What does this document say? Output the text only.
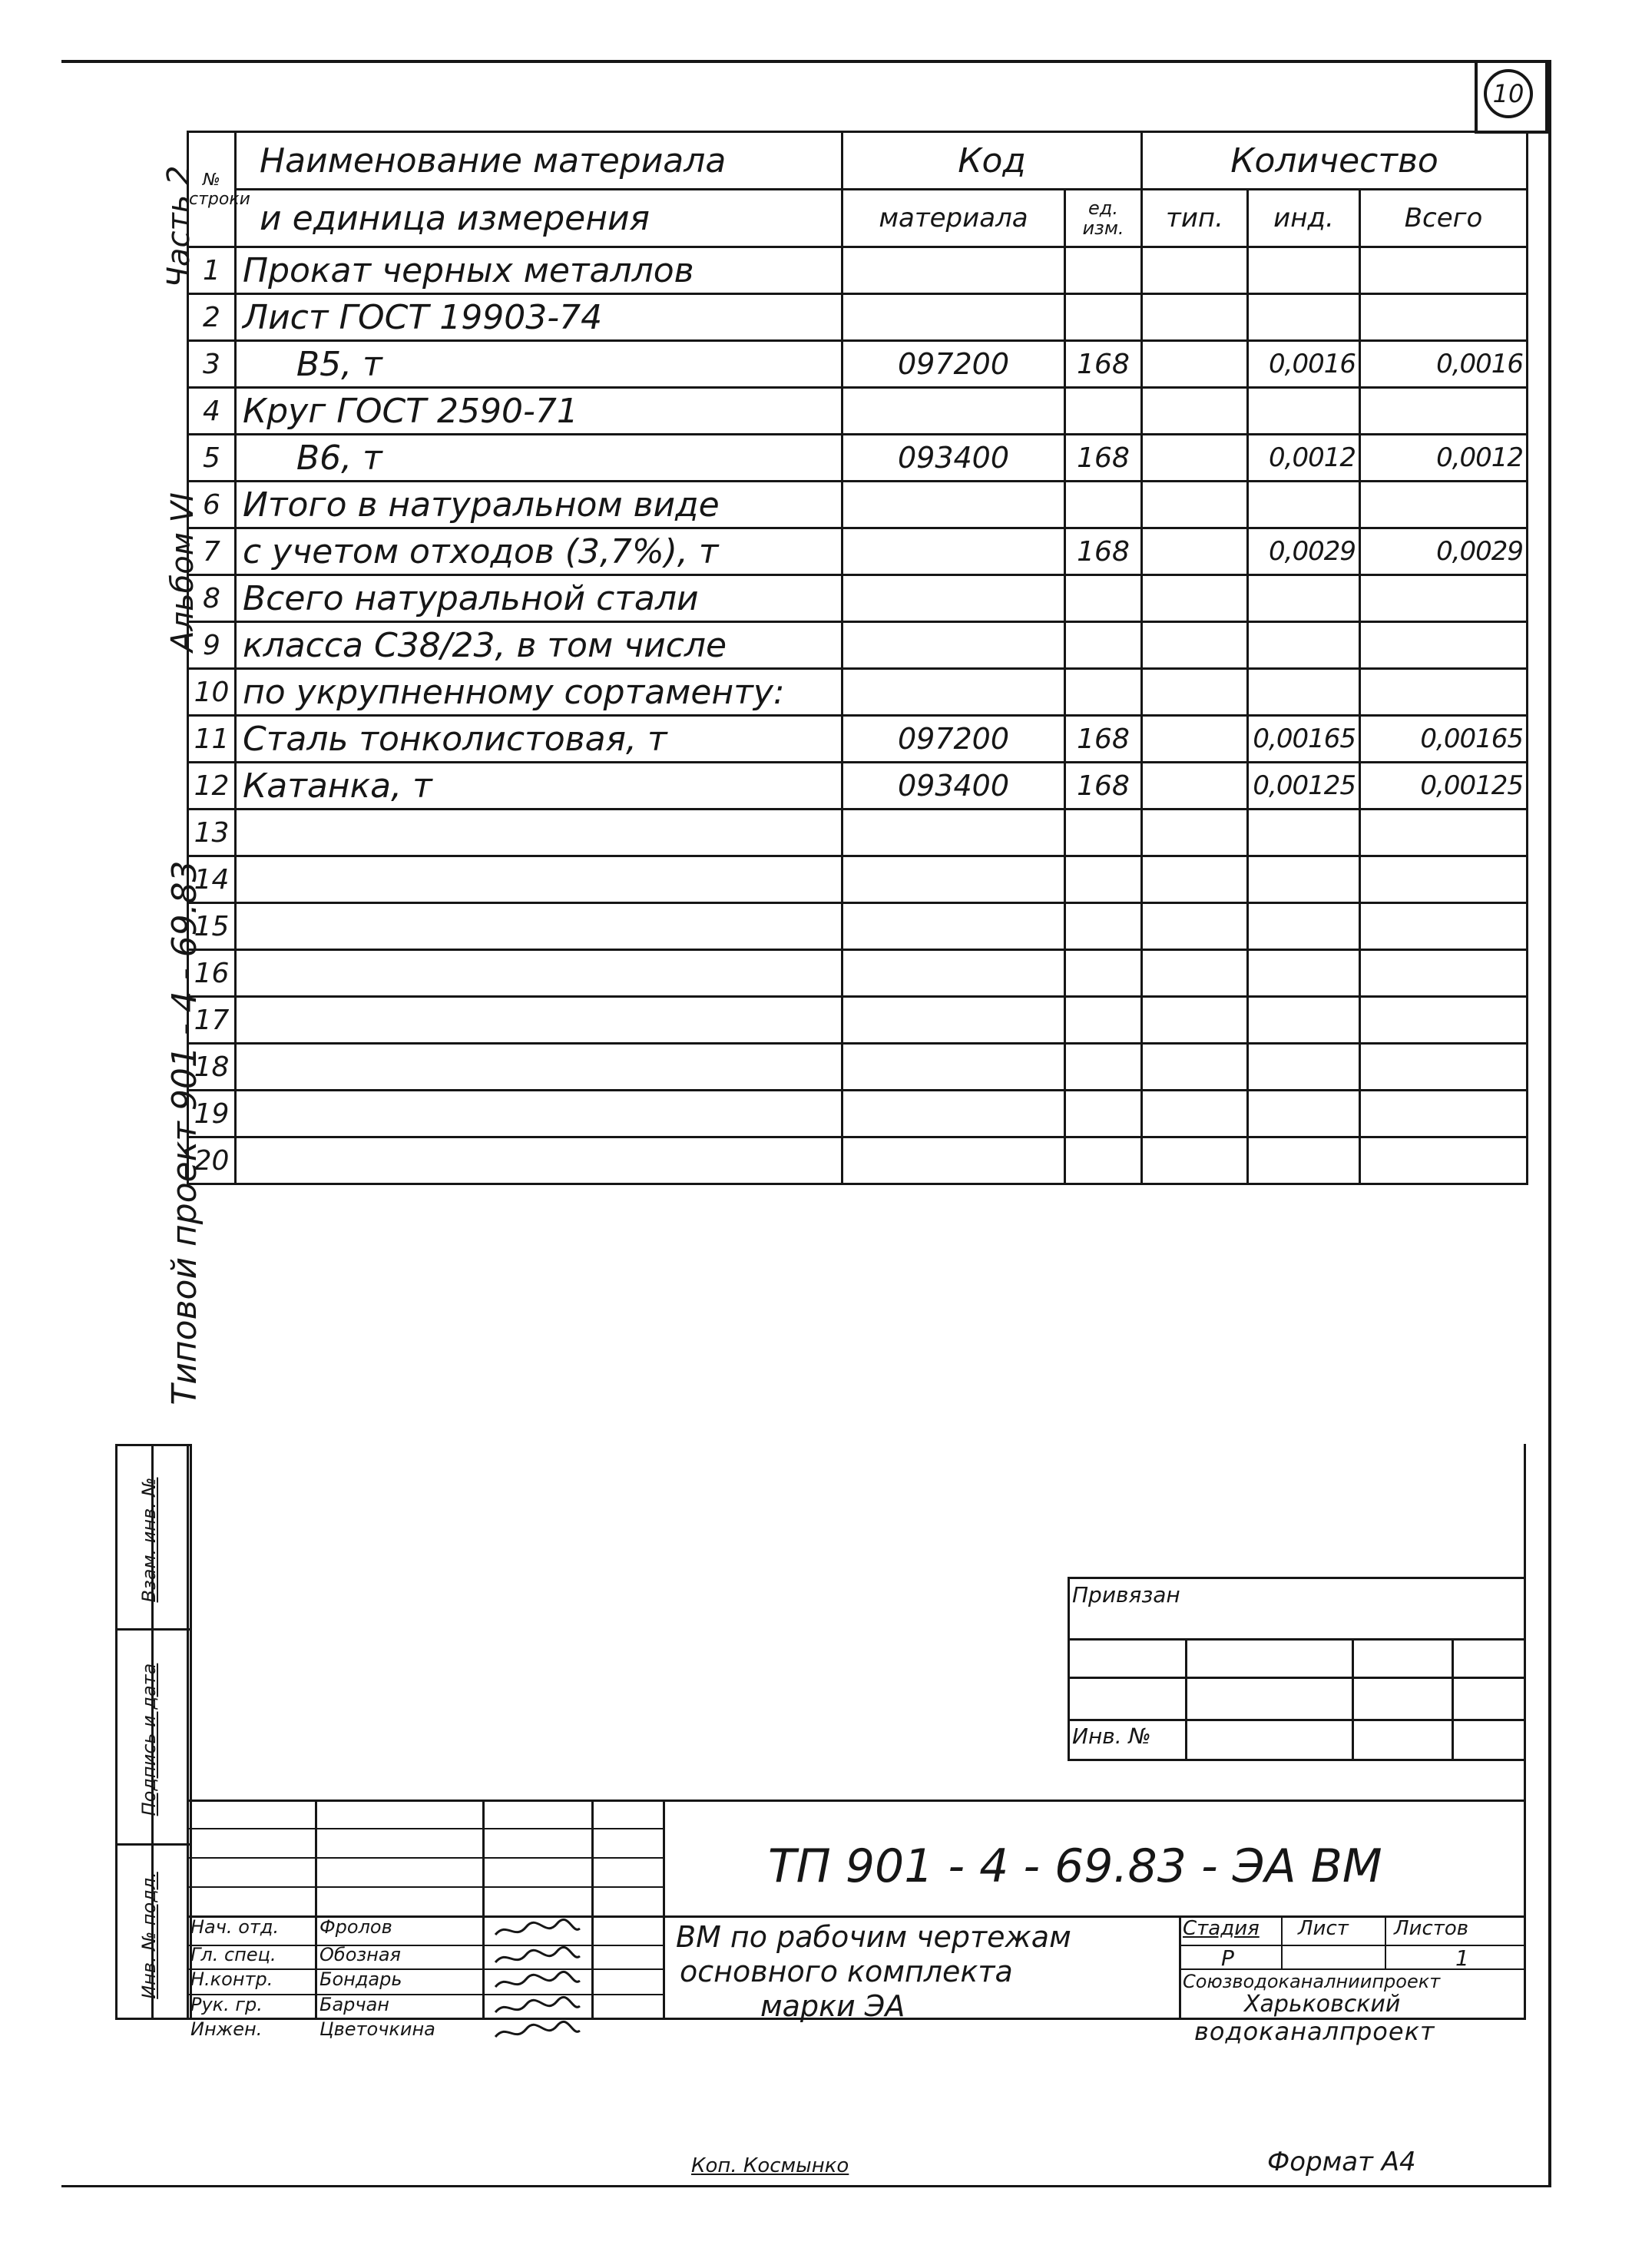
10
Часть 2
Альбом VI
Типовой проект 901 - 4 - 69.83
Взам. инв. №
Подпись и дата
Инв. № подл.
№ строки	Наименование материала	Код		Количество		
	и единица измерения	материала	ед. изм.	тип.	инд.	Всего
1	Прокат черных металлов					
2	Лист ГОСТ 19903-74					
3	В5, т	097200	168		0,0016	0,0016
4	Круг ГОСТ 2590-71					
5	В6, т	093400	168		0,0012	0,0012
6	Итого в натуральном виде					
7	с учетом отходов (3,7%), т		168		0,0029	0,0029
8	Всего натуральной стали					
9	класса С38/23, в том числе					
10	по укрупненному сортаменту:					
11	Сталь тонколистовая, т	097200	168		0,00165	0,00165
12	Катанка, т	093400	168		0,00125	0,00125
13						
14						
15						
16						
17						
18						
19						
20						
Привязан
Инв. №
ТП 901 - 4 - 69.83 - ЭА ВМ
ВМ по рабочим чертежам
основного комплекта
марки ЭА
Стадия Лист Листов
Р	1
Союзводоканалниипроект
Харьковский
водоканалпроект
Нач. отд. Фролов
Гл. спец. Обозная
Н.контр.	Бондарь
Рук. гр.	Барчан
Инжен.	Цветочкина
Коп. Космынко	Формат А4
